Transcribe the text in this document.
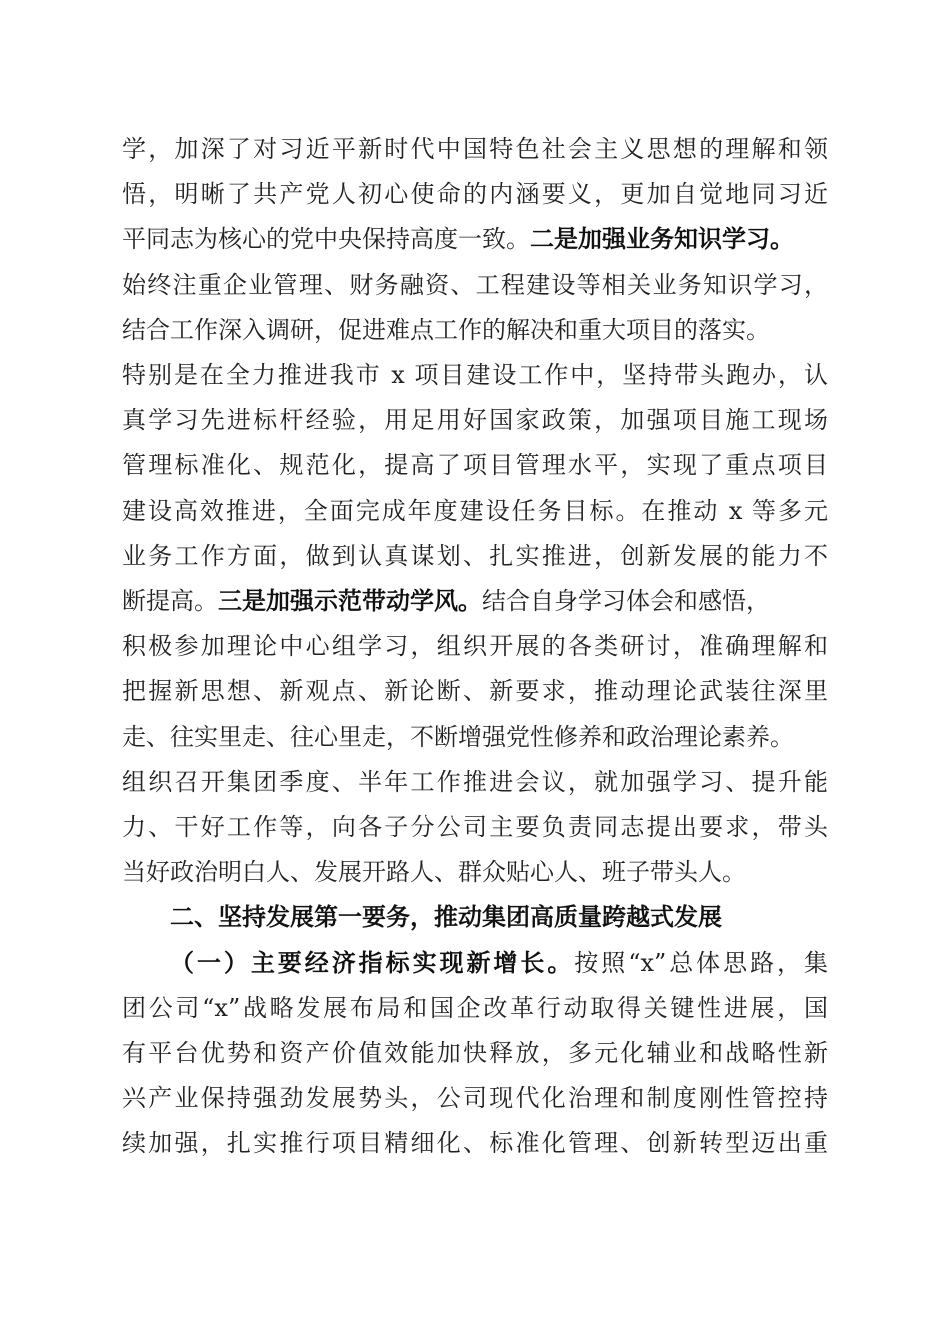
学，加深了对习近平新时代中国特色社会主义思想的理解和领
悟，明晰了共产党人初心使命的内涵要义，更加自觉地同习近
平同志为核心的党中央保持高度一致。二是加强业务知识学习。
始终注重企业管理、财务融资、工程建设等相关业务知识学习，
结合工作深入调研，促进难点工作的解决和重大项目的落实。
特别是在全力推进我市 x 项目建设工作中，坚持带头跑办，认
真学习先进标杆经验，用足用好国家政策，加强项目施工现场
管理标准化、规范化，提高了项目管理水平，实现了重点项目
建设高效推进，全面完成年度建设任务目标。在推动 x 等多元
业务工作方面，做到认真谋划、扎实推进，创新发展的能力不
断提高。三是加强示范带动学风。结合自身学习体会和感悟，
积极参加理论中心组学习，组织开展的各类研讨，准确理解和
把握新思想、新观点、新论断、新要求，推动理论武装往深里
走、往实里走、往心里走，不断增强党性修养和政治理论素养。
组织召开集团季度、半年工作推进会议，就加强学习、提升能
力、干好工作等，向各子分公司主要负责同志提出要求，带头
当好政治明白人、发展开路人、群众贴心人、班子带头人。
二、坚持发展第一要务，推动集团高质量跨越式发展
（一）主要经济指标实现新增长。按照“x”总体思路，集
团公司“x”战略发展布局和国企改革行动取得关键性进展，国
有平台优势和资产价值效能加快释放，多元化辅业和战略性新
兴产业保持强劲发展势头，公司现代化治理和制度刚性管控持
续加强，扎实推行项目精细化、标准化管理、创新转型迈出重
